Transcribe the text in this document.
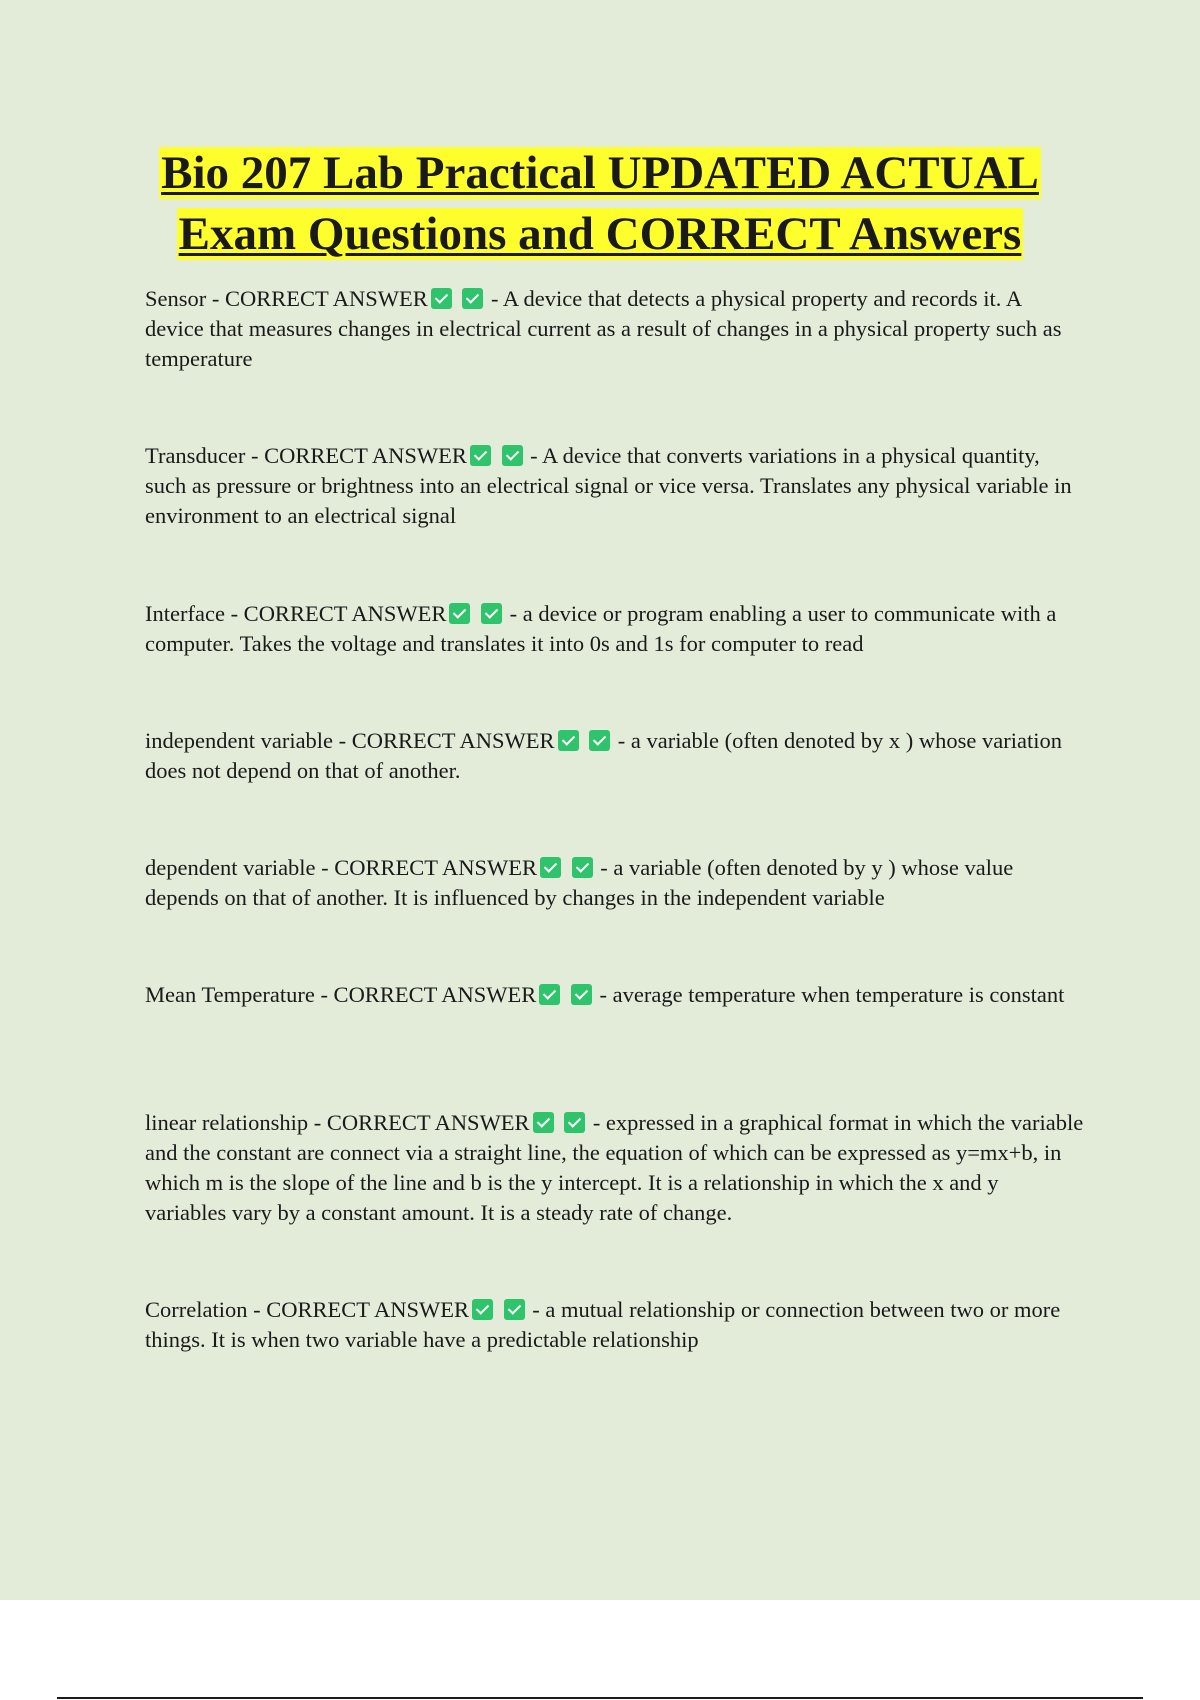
Bio 207 Lab Practical UPDATED ACTUAL
Exam Questions and CORRECT Answers

Sensor - CORRECT ANSWER	- A device that detects a physical property and records it. A device that measures changes in electrical current as a result of changes in a physical property such as temperature

Transducer - CORRECT ANSWER	- A device that converts variations in a physical quantity, such as pressure or brightness into an electrical signal or vice versa. Translates any physical variable in environment to an electrical signal

Interface - CORRECT ANSWER	- a device or program enabling a user to communicate with a computer. Takes the voltage and translates it into 0s and 1s for computer to read

independent variable - CORRECT ANSWER	- a variable (often denoted by x ) whose variation does not depend on that of another.

dependent variable - CORRECT ANSWER	- a variable (often denoted by y ) whose value depends on that of another. It is influenced by changes in the independent variable

Mean Temperature - CORRECT ANSWER	- average temperature when temperature is constant

linear relationship - CORRECT ANSWER	- expressed in a graphical format in which the variable and the constant are connect via a straight line, the equation of which can be expressed as y=mx+b, in which m is the slope of the line and b is the y intercept. It is a relationship in which the x and y variables vary by a constant amount. It is a steady rate of change.

Correlation - CORRECT ANSWER	- a mutual relationship or connection between two or more things. It is when two variable have a predictable relationship
